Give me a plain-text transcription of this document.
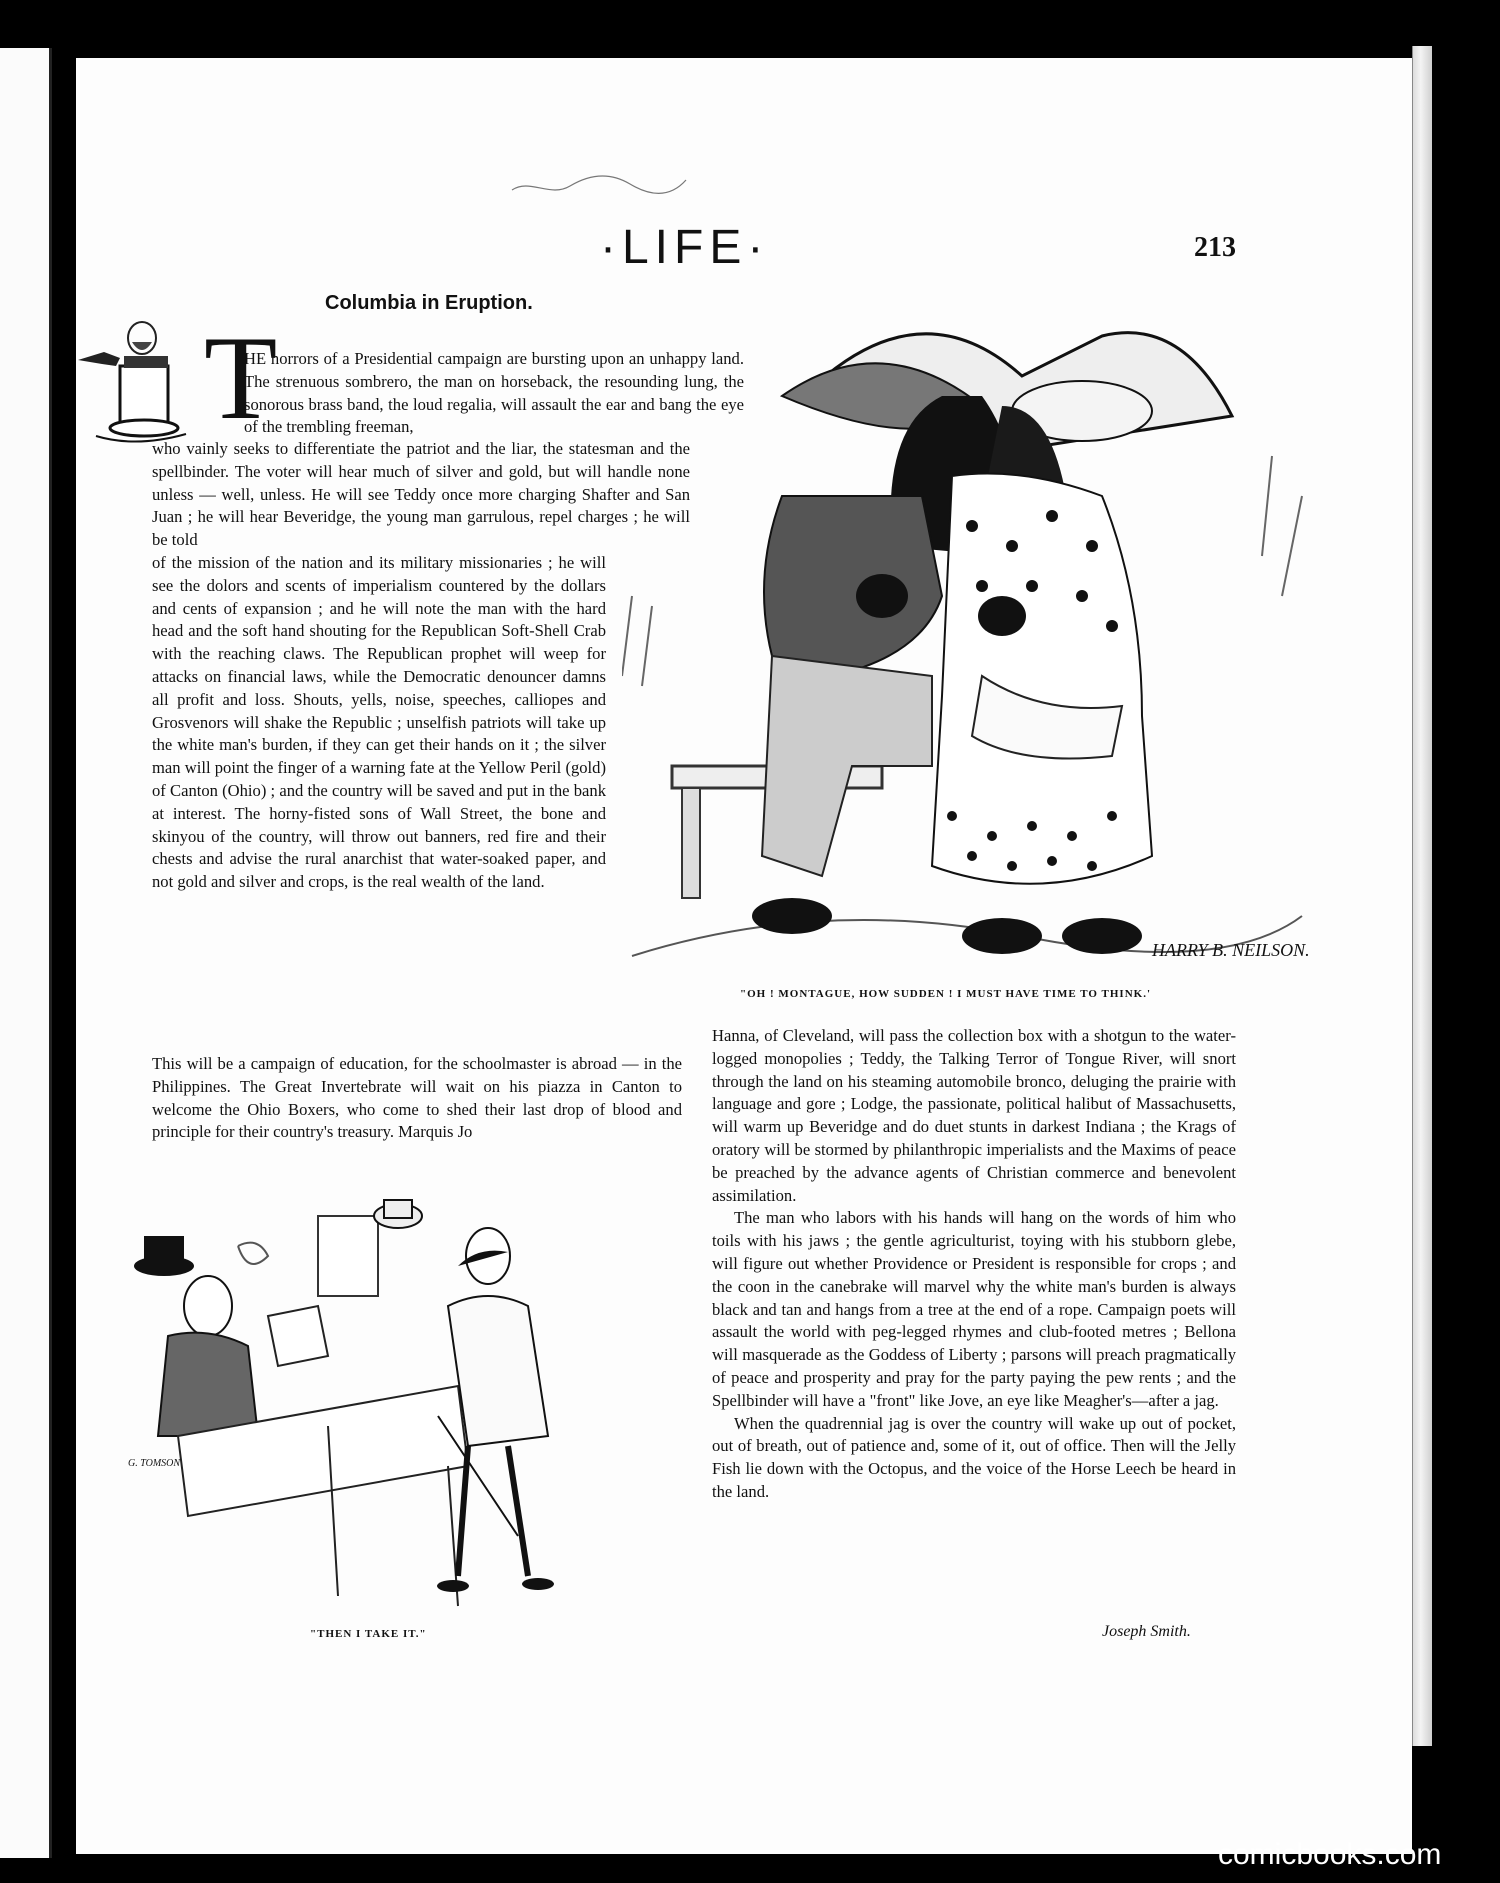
·LIFE·	213
Columbia in Eruption.
T
HE horrors of a Presidential campaign are bursting upon an unhappy land. The strenuous sombrero, the man on horseback, the resounding lung, the sonorous brass band, the loud regalia, will assault the ear and bang the eye of the trembling freeman,
who vainly seeks to differentiate the patriot and the liar, the statesman and the spellbinder. The voter will hear much of silver and gold, but will handle none unless — well, unless. He will see Teddy once more charging Shafter and San Juan ; he will hear Beveridge, the young man garrulous, repel charges ; he will be told
of the mission of the nation and its military missionaries ; he will see the dolors and scents of imperialism countered by the dollars and cents of expansion ; and he will note the man with the hard head and the soft hand shouting for the Republican Soft-Shell Crab with the reaching claws. The Republican prophet will weep for attacks on financial laws, while the Democratic denouncer damns all profit and loss. Shouts, yells, noise, speeches, calliopes and Grosvenors will shake the Republic ; unselfish patriots will take up the white man's burden, if they can get their hands on it ; the silver man will point the finger of a warning fate at the Yellow Peril (gold) of Canton (Ohio) ; and the country will be saved and put in the bank at interest. The horny-fisted sons of Wall Street, the bone and skinyou of the country, will throw out banners, red fire and their chests and advise the rural anarchist that water-soaked paper, and not gold and silver and crops, is the real wealth of the land.
This will be a campaign of education, for the schoolmaster is abroad — in the Philippines. The Great Invertebrate will wait on his piazza in Canton to welcome the Ohio Boxers, who come to shed their last drop of blood and principle for their country's treasury. Marquis Jo

Hanna, of Cleveland, will pass the collection box with a shotgun to the water-logged monopolies ; Teddy, the Talking Terror of Tongue River, will snort through the land on his steaming automobile bronco, deluging the prairie with language and gore ; Lodge, the passionate, political halibut of Massachusetts, will warm up Beveridge and do duet stunts in darkest Indiana ; the Krags of oratory will be stormed by philanthropic imperialists and the Maxims of peace be preached by the advance agents of Christian commerce and benevolent assimilation.

The man who labors with his hands will hang on the words of him who toils with his jaws ; the gentle agriculturist, toying with his stubborn glebe, will figure out whether Providence or President is responsible for crops ; and the coon in the canebrake will marvel why the white man's burden is always black and tan and hangs from a tree at the end of a rope. Campaign poets will assault the world with peg-legged rhymes and club-footed metres ; Bellona will masquerade as the Goddess of Liberty ; parsons will preach pragmatically of peace and prosperity and pray for the party paying the pew rents ; and the Spellbinder will have a "front" like Jove, an eye like Meagher's—after a jag.

When the quadrennial jag is over the country will wake up out of pocket, out of breath, out of patience and, some of it, out of office. Then will the Jelly Fish lie down with the Octopus, and the voice of the Horse Leech be heard in the land.

Joseph Smith.
HARRY B. NEILSON.
"OH ! MONTAGUE, HOW SUDDEN ! I MUST HAVE TIME TO THINK.'
G. TOMSON
"THEN I TAKE IT."
comicbooks.com
